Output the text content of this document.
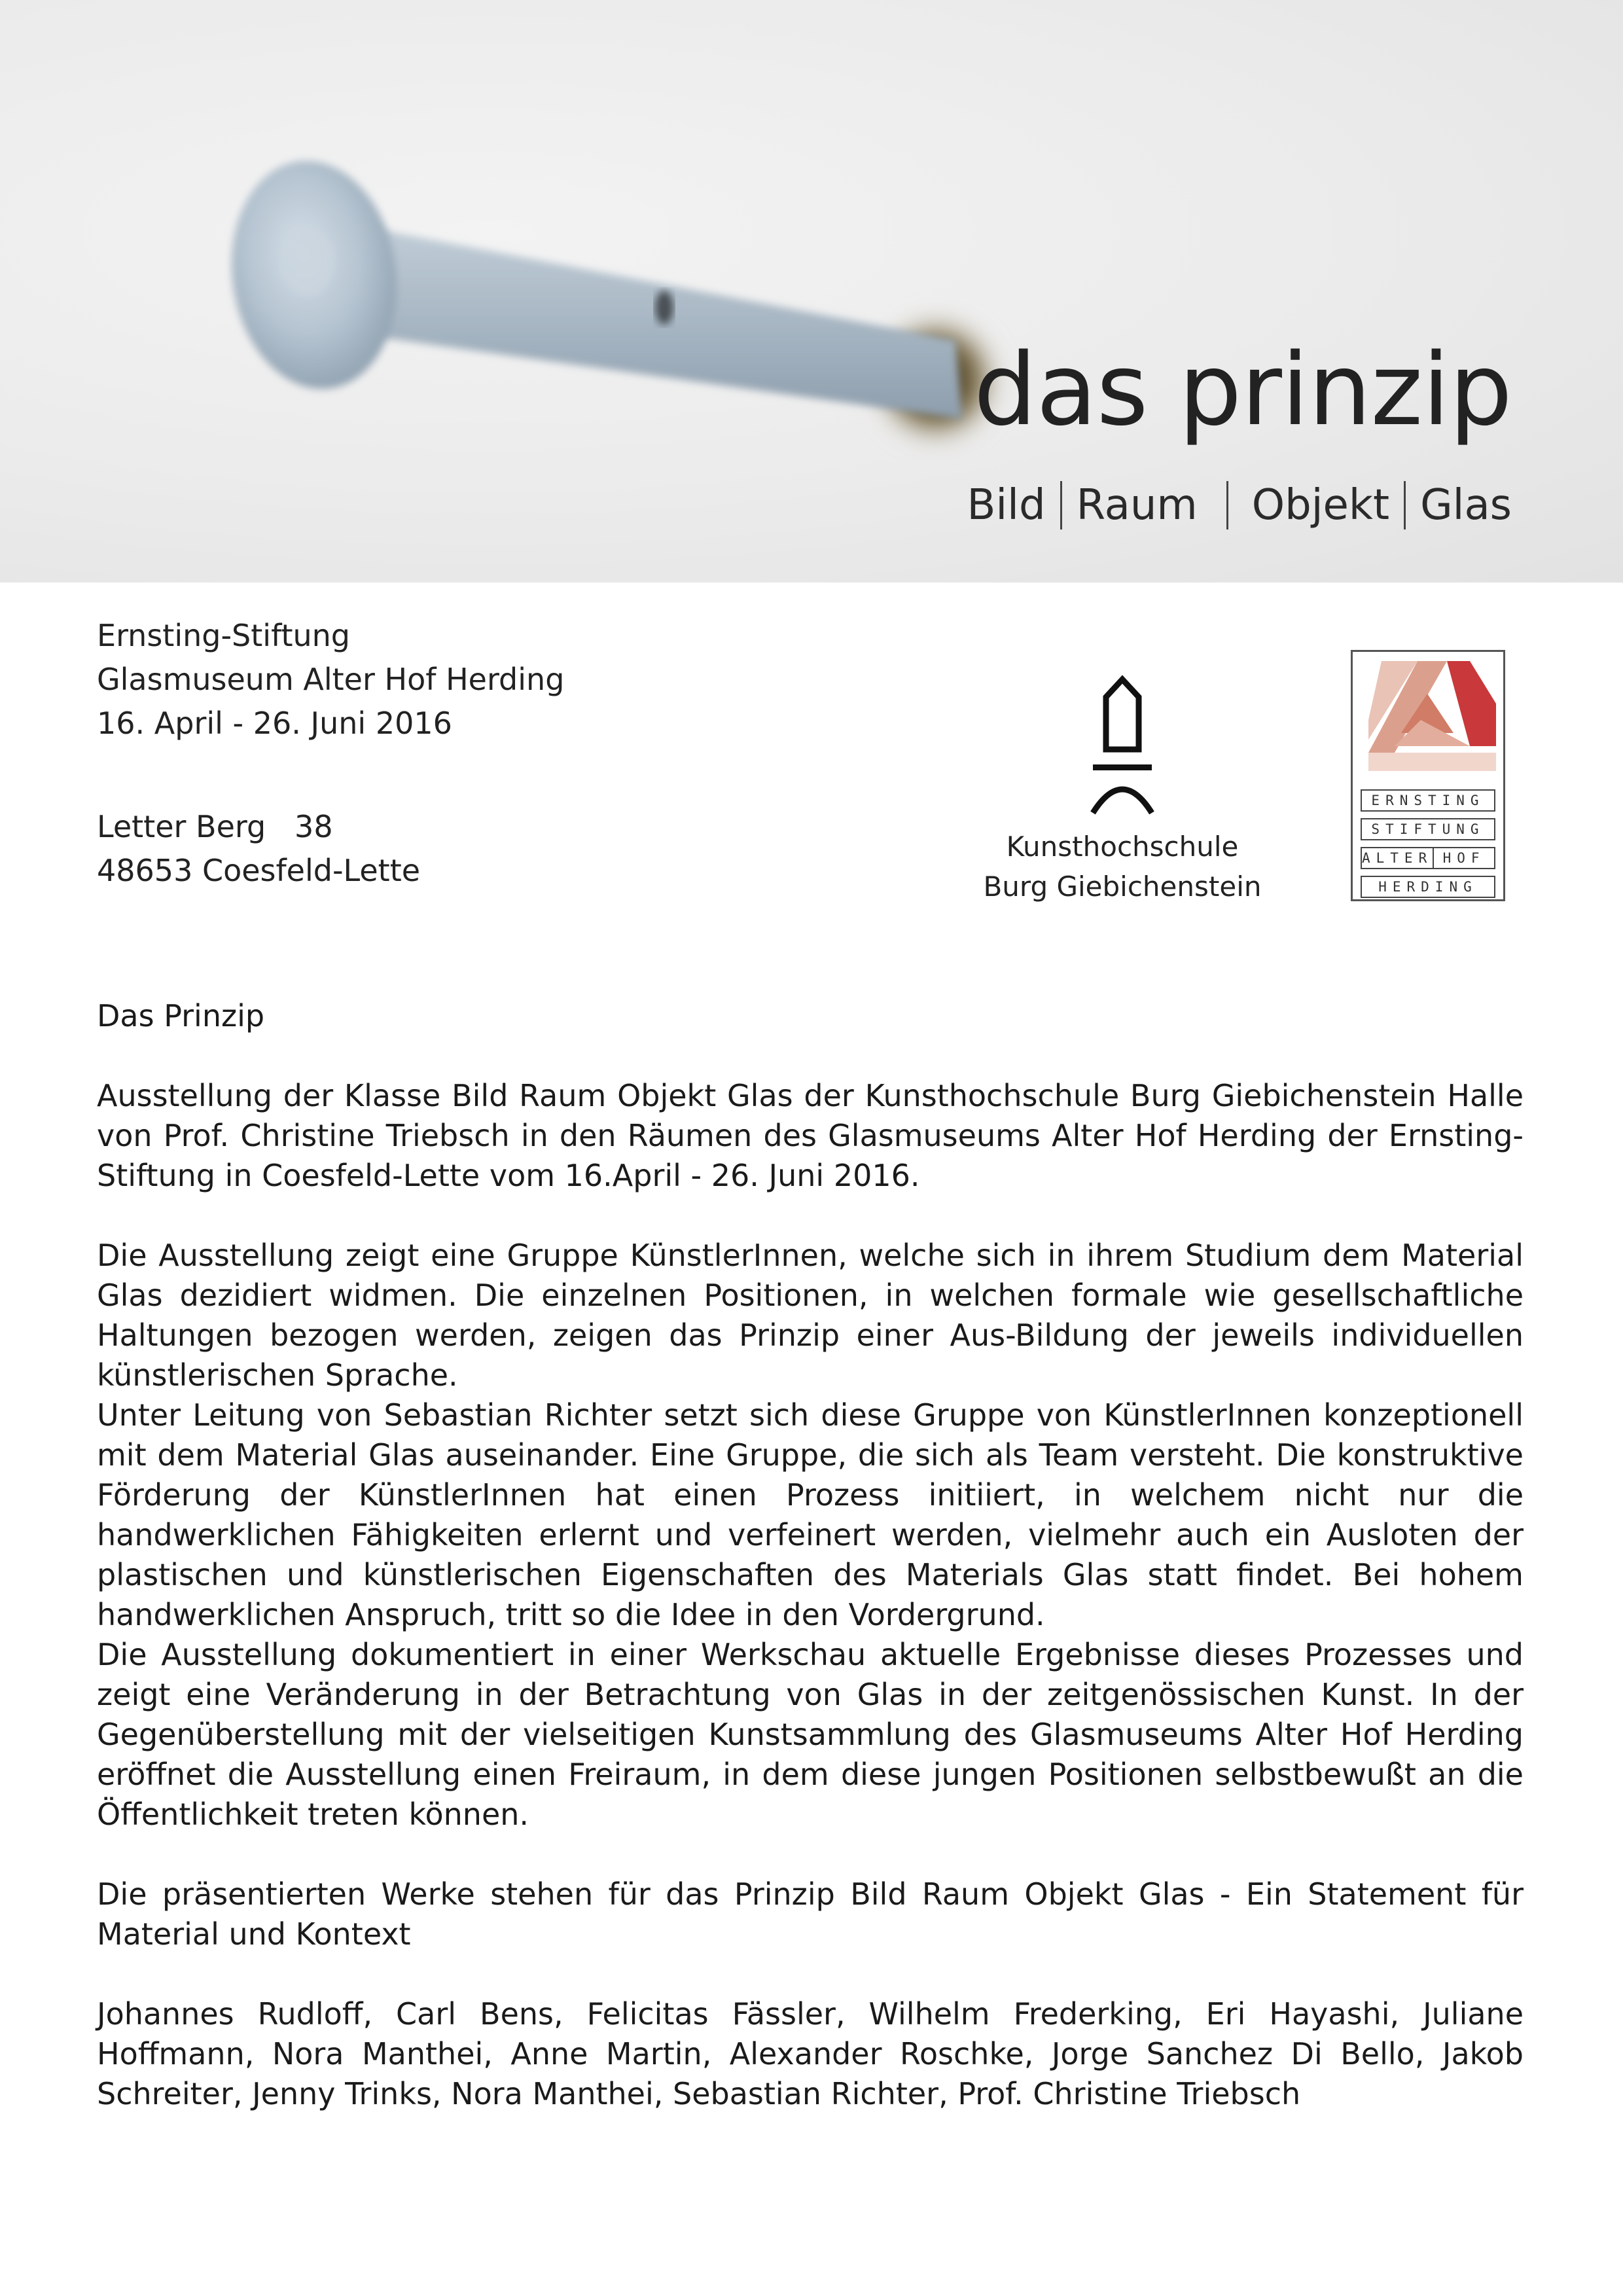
das prinzip
Bild Raum Objekt Glas
Ernsting-Stiftung
Glasmuseum Alter Hof Herding
16. April - 26. Juni 2016
Letter Berg   38
48653 Coesfeld-Lette
Kunsthochschule
Burg Giebichenstein
ERNSTING
STIFTUNG
ALTER HOF
HERDING

Das Prinzip

Ausstellung der Klasse Bild Raum Objekt Glas der Kunsthochschule Burg Giebichenstein Halle von Prof. Christine Triebsch in den Räumen des Glasmuseums Alter Hof Herding der Ernsting-Stiftung in Coesfeld-Lette vom 16.April - 26. Juni 2016.

Die Ausstellung zeigt eine Gruppe KünstlerInnen, welche sich in ihrem Studium dem Material Glas dezidiert widmen. Die einzelnen Positionen, in welchen formale wie gesellschaftliche Haltungen bezogen werden, zeigen das Prinzip einer Aus-Bildung der jeweils individuellen künstlerischen Sprache.

Unter Leitung von Sebastian Richter setzt sich diese Gruppe von KünstlerInnen konzeptionell mit dem Material Glas auseinander. Eine Gruppe, die sich als Team versteht. Die konstruktive Förderung der KünstlerInnen hat einen Prozess initiiert, in welchem nicht nur die handwerklichen Fähigkeiten erlernt und verfeinert werden, vielmehr auch ein Ausloten der plastischen und künstlerischen Eigenschaften des Materials Glas statt findet. Bei hohem handwerklichen Anspruch, tritt so die Idee in den Vordergrund.

Die Ausstellung dokumentiert in einer Werkschau aktuelle Ergebnisse dieses Prozesses und zeigt eine Veränderung in der Betrachtung von Glas in der zeitgenössischen Kunst. In der Gegenüberstellung mit der vielseitigen Kunstsammlung des Glasmuseums Alter Hof Herding eröffnet die Ausstellung einen Freiraum, in dem diese jungen Positionen selbstbewußt an die Öffentlichkeit treten können.

Die präsentierten Werke stehen für das Prinzip Bild Raum Objekt Glas - Ein Statement für Material und Kontext

Johannes Rudloff, Carl Bens, Felicitas Fässler, Wilhelm Frederking, Eri Hayashi, Juliane Hoffmann, Nora Manthei, Anne Martin, Alexander Roschke, Jorge Sanchez Di Bello, Jakob Schreiter, Jenny Trinks, Nora Manthei, Sebastian Richter, Prof. Christine Triebsch
